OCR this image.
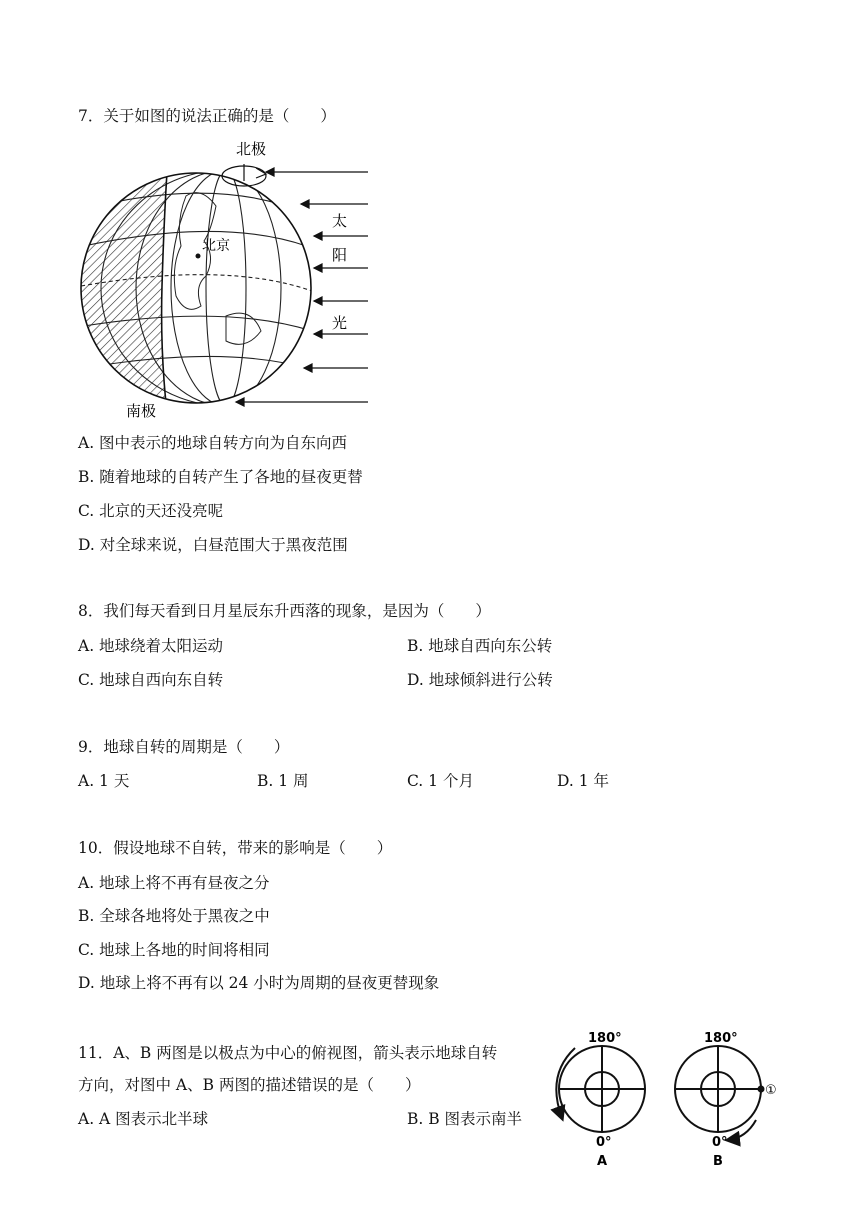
7．关于如图的说法正确的是（　　）
北极
南极
北京
太
阳
光
A. 图中表示的地球自转方向为自东向西
B. 随着地球的自转产生了各地的昼夜更替
C. 北京的天还没亮呢
D. 对全球来说，白昼范围大于黑夜范围
8．我们每天看到日月星辰东升西落的现象，是因为（　　）
A. 地球绕着太阳运动	B. 地球自西向东公转
C. 地球自西向东自转	D. 地球倾斜进行公转
9．地球自转的周期是（　　）
A. 1 天	B. 1 周	C. 1 个月	D. 1 年
10．假设地球不自转，带来的影响是（　　）
A. 地球上将不再有昼夜之分
B. 全球各地将处于黑夜之中
C. 地球上各地的时间将相同
D. 地球上将不再有以 24 小时为周期的昼夜更替现象
11．A、B 两图是以极点为中心的俯视图，箭头表示地球自转
方向，对图中 A、B 两图的描述错误的是（　　）
A. A 图表示北半球	B. B 图表示南半
180°
0°
A
180°
0°
B
①
